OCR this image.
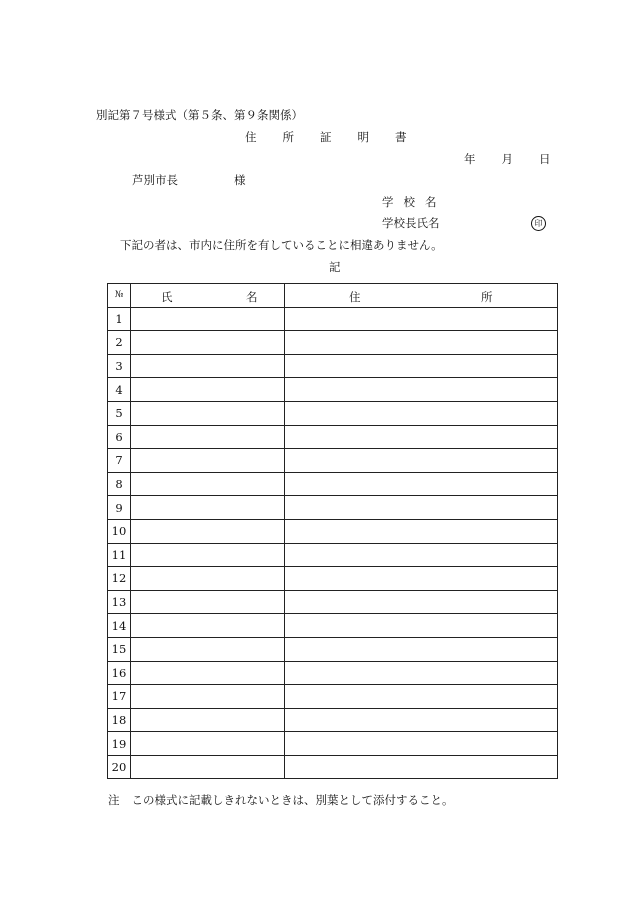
別記第７号様式（第５条、第９条関係）
住 所 証 明 書
年 月 日
芦別市長	様
学 校 名
学校長氏名	印
下記の者は、市内に住所を有していることに相違ありません。
記
№	氏 名	住 所

1		
2		
3		
4		
5		
6		
7		
8		
9		
10		
11		
12		
13		
14		
15		
16		
17		
18		
19		
20		
注 この様式に記載しきれないときは、別葉として添付すること。
